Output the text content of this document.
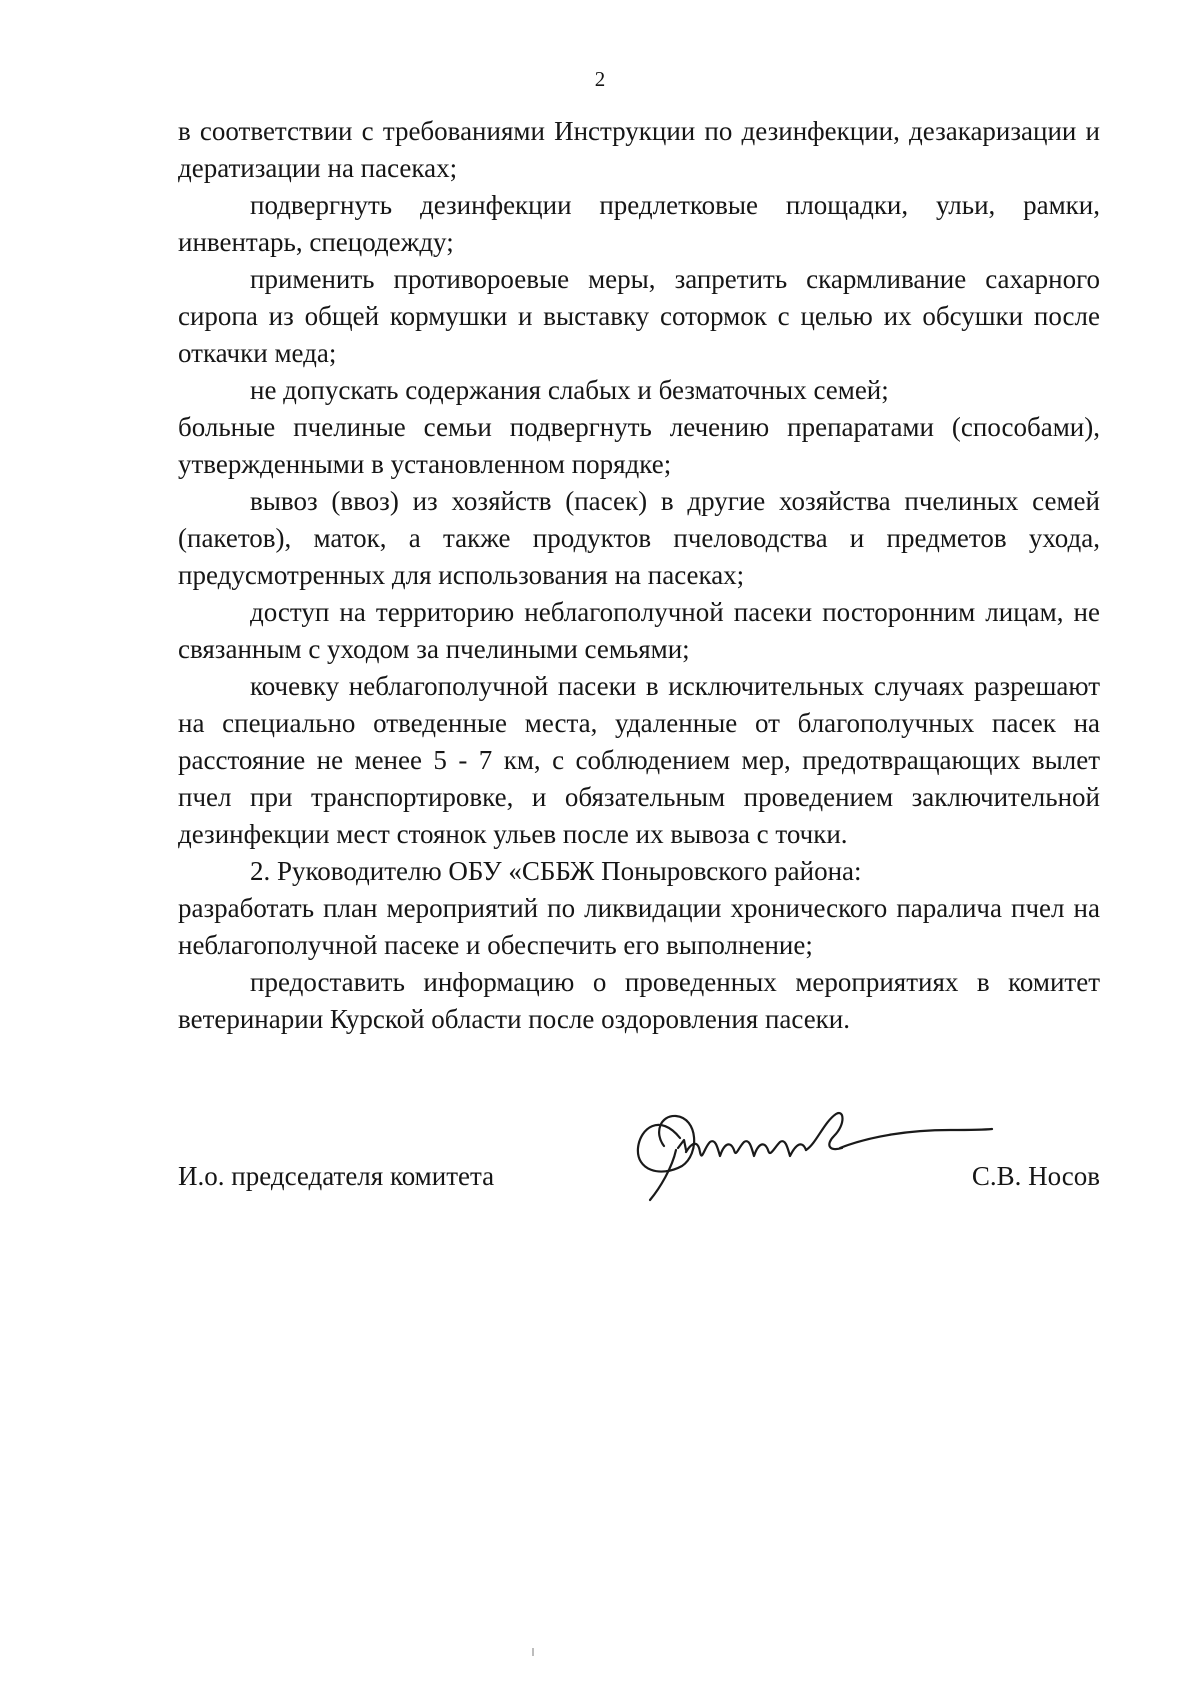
2

в соответствии с требованиями Инструкции по дезинфекции, дезакаризации и дератизации на пасеках;

подвергнуть дезинфекции предлетковые площадки, ульи, рамки, инвентарь, спецодежду;

применить противороевые меры, запретить скармливание сахарного сиропа из общей кормушки и выставку сотормок с целью их обсушки после откачки меда;

не допускать содержания слабых и безматочных семей;

больные пчелиные семьи подвергнуть лечению препаратами (способами), утвержденными в установленном порядке;

вывоз (ввоз) из хозяйств (пасек) в другие хозяйства пчелиных семей (пакетов), маток, а также продуктов пчеловодства и предметов ухода, предусмотренных для использования на пасеках;

доступ на территорию неблагополучной пасеки посторонним лицам, не связанным с уходом за пчелиными семьями;

кочевку неблагополучной пасеки в исключительных случаях разрешают на специально отведенные места, удаленные от благополучных пасек на расстояние не менее 5 - 7 км, с соблюдением мер, предотвращающих вылет пчел при транспортировке, и обязательным проведением заключительной дезинфекции мест стоянок ульев после их вывоза с точки.

2. Руководителю ОБУ «СББЖ Поныровского района:

разработать план мероприятий по ликвидации хронического паралича пчел на неблагополучной пасеке и обеспечить его выполнение;

предоставить информацию о проведенных мероприятиях в комитет ветеринарии Курской области после оздоровления пасеки.

И.о. председателя комитета	С.В. Носов
